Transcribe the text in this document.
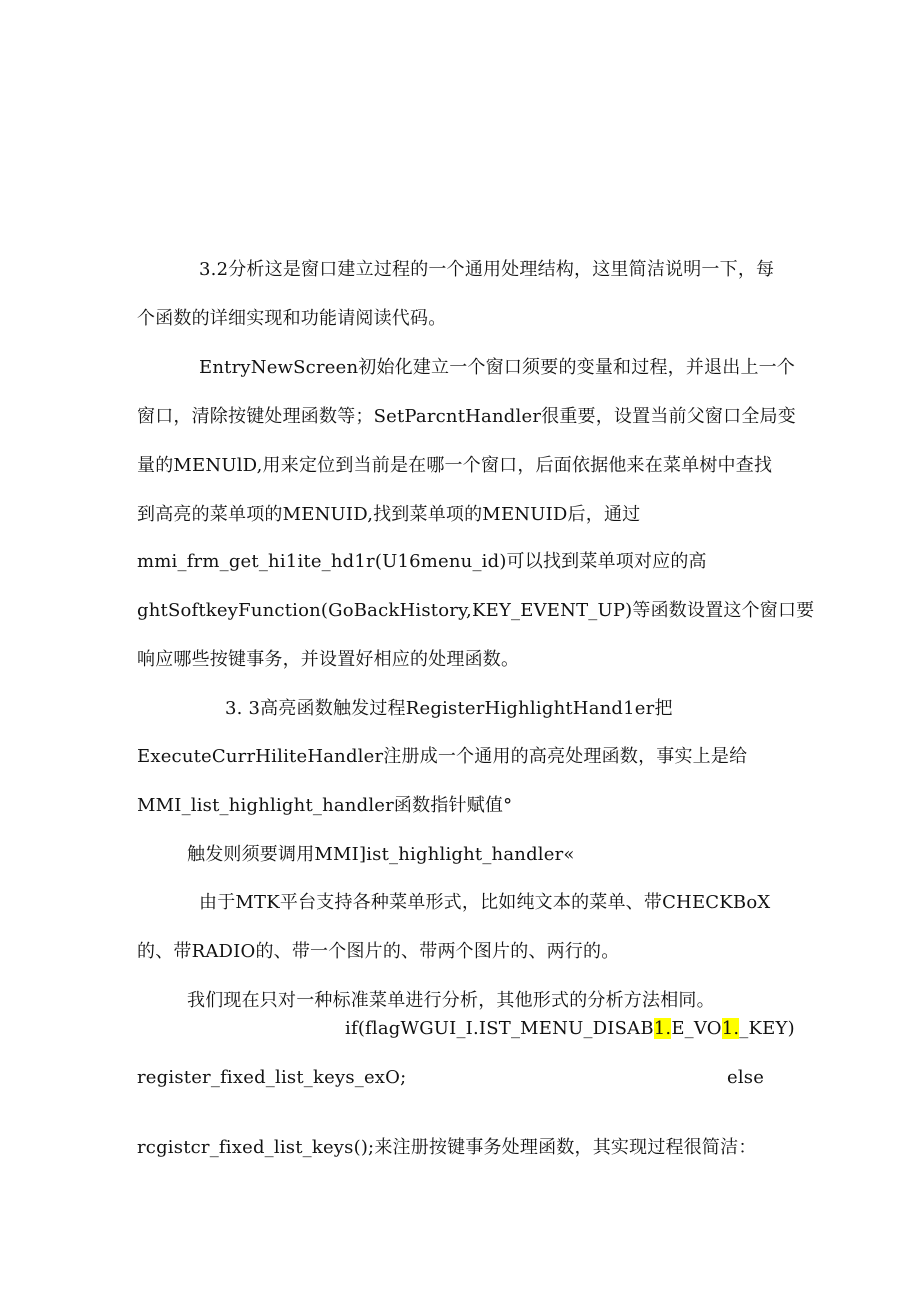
3.2分析这是窗口建立过程的一个通用处理结构，这里简洁说明一下，每
个函数的详细实现和功能请阅读代码。
EntryNewScreen初始化建立一个窗口须要的变量和过程，并退出上一个
窗口，清除按键处理函数等；SetParcntHandler很重要，设置当前父窗口全局变
量的MENUlD,用来定位到当前是在哪一个窗口，后面依据他来在菜单树中查找
到高亮的菜单项的MENUID,找到菜单项的MENUID后，通过
mmi_frm_get_hi1ite_hd1r(U16menu_id)可以找到菜单项对应的高
ghtSoftkeyFunction(GoBackHistory,KEY_EVENT_UP)等函数设置这个窗口要
响应哪些按键事务，并设置好相应的处理函数。
3. 3高亮函数触发过程RegisterHighlightHand1er把
ExecuteCurrHiliteHandler注册成一个通用的高亮处理函数，事实上是给
MMI_list_highlight_handler函数指针赋值°
触发则须要调用MMI]ist_highlight_handler«
由于MTK平台支持各种菜单形式，比如纯文本的菜单、带CHECKBoX
的、带RADIO的、带一个图片的、带两个图片的、两行的。
我们现在只对一种标准菜单进行分析，其他形式的分析方法相同。
if(flagWGUI_I.IST_MENU_DISAB1.E_VO1._KEY)
register_fixed_list_keys_exO;	else
rcgistcr_fixed_list_keys();来注册按键事务处理函数，其实现过程很简洁：
